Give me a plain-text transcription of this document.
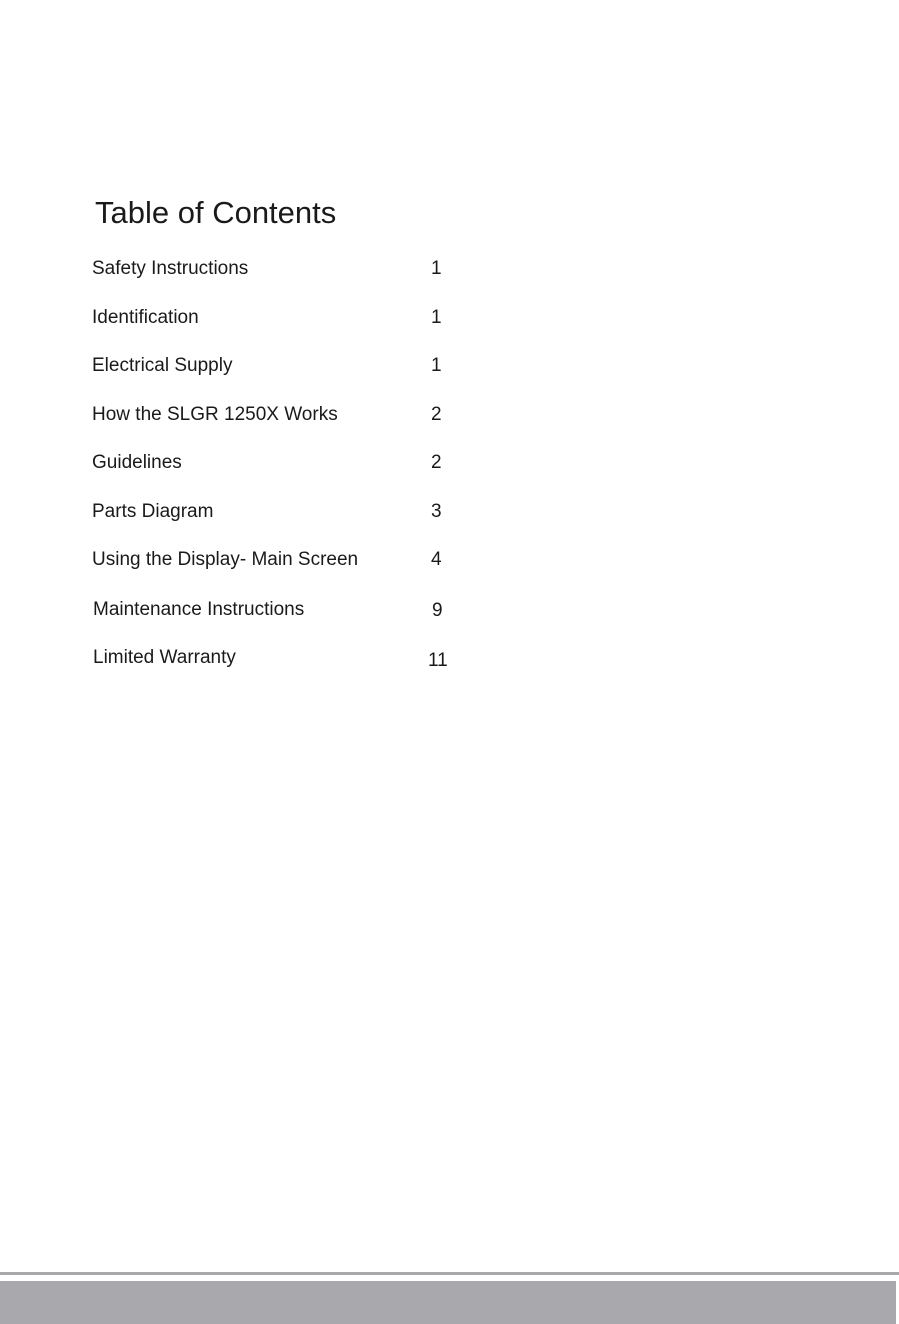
Table of Contents
Safety Instructions	1
Identification	1
Electrical Supply	1
How the SLGR 1250X Works	2
Guidelines	2
Parts Diagram	3
Using the Display- Main Screen	4
Maintenance Instructions	9
Limited Warranty	11
